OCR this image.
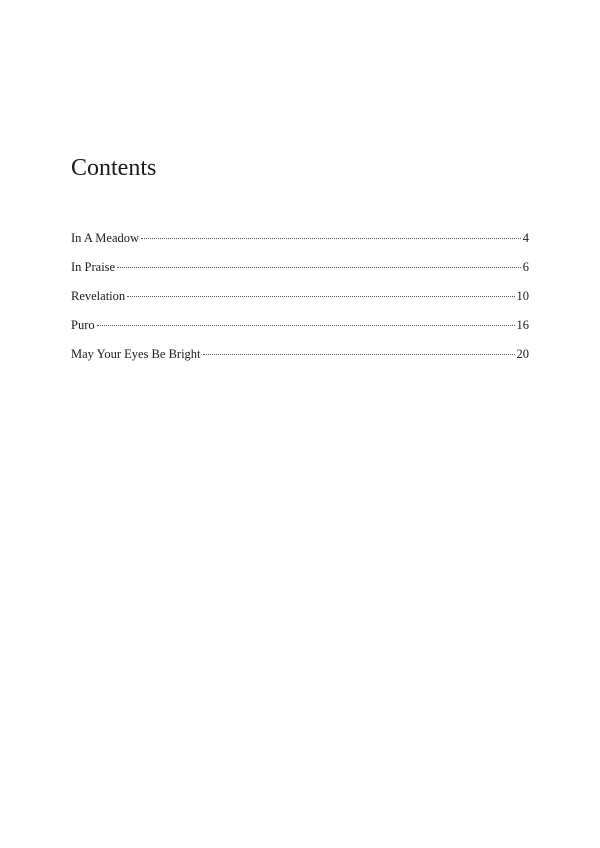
Contents
In A Meadow	4
In Praise	6
Revelation	10
Puro	16
May Your Eyes Be Bright	20
